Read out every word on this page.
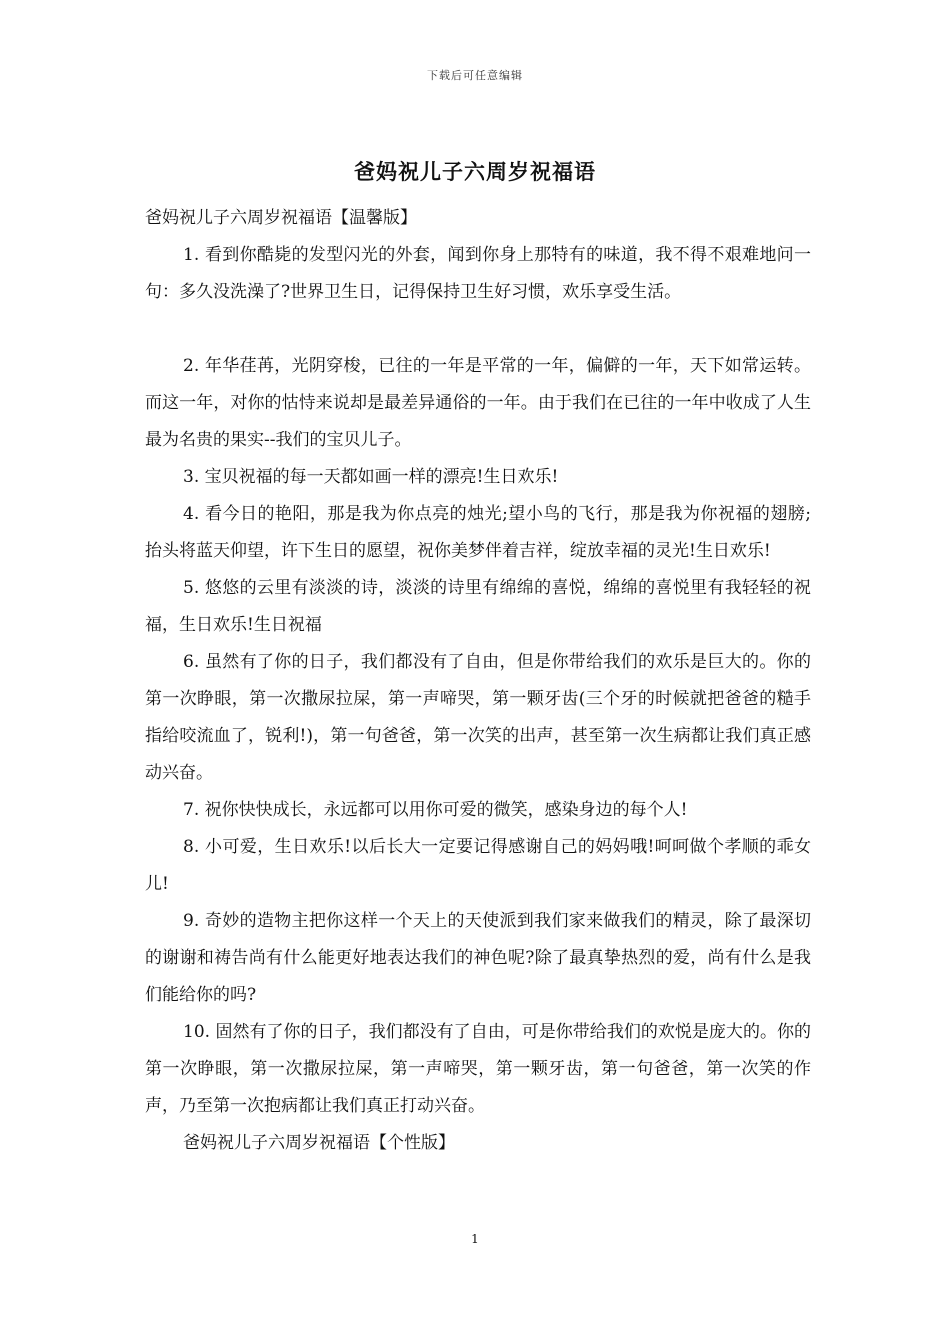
下载后可任意编辑
爸妈祝儿子六周岁祝福语

爸妈祝儿子六周岁祝福语【温馨版】

1. 看到你酷毙的发型闪光的外套，闻到你身上那特有的味道，我不得不艰难地问一句：多久没洗澡了?世界卫生日，记得保持卫生好习惯，欢乐享受生活。

2. 年华荏苒，光阴穿梭，已往的一年是平常的一年，偏僻的一年，天下如常运转。而这一年，对你的怙恃来说却是最差异通俗的一年。由于我们在已往的一年中收成了人生最为名贵的果实--我们的宝贝儿子。

3. 宝贝祝福的每一天都如画一样的漂亮!生日欢乐!

4. 看今日的艳阳，那是我为你点亮的烛光;望小鸟的飞行，那是我为你祝福的翅膀;抬头将蓝天仰望，许下生日的愿望，祝你美梦伴着吉祥，绽放幸福的灵光!生日欢乐!

5. 悠悠的云里有淡淡的诗，淡淡的诗里有绵绵的喜悦，绵绵的喜悦里有我轻轻的祝福，生日欢乐!生日祝福

6. 虽然有了你的日子，我们都没有了自由，但是你带给我们的欢乐是巨大的。你的第一次睁眼，第一次撒尿拉屎，第一声啼哭，第一颗牙齿(三个牙的时候就把爸爸的糙手指给咬流血了，锐利!)，第一句爸爸，第一次笑的出声，甚至第一次生病都让我们真正感动兴奋。

7. 祝你快快成长，永远都可以用你可爱的微笑，感染身边的每个人!

8. 小可爱，生日欢乐!以后长大一定要记得感谢自己的妈妈哦!呵呵做个孝顺的乖女儿!

9. 奇妙的造物主把你这样一个天上的天使派到我们家来做我们的精灵，除了最深切的谢谢和祷告尚有什么能更好地表达我们的神色呢?除了最真挚热烈的爱，尚有什么是我们能给你的吗?

10. 固然有了你的日子，我们都没有了自由，可是你带给我们的欢悦是庞大的。你的第一次睁眼，第一次撒尿拉屎，第一声啼哭，第一颗牙齿，第一句爸爸，第一次笑的作声，乃至第一次抱病都让我们真正打动兴奋。

爸妈祝儿子六周岁祝福语【个性版】

1
